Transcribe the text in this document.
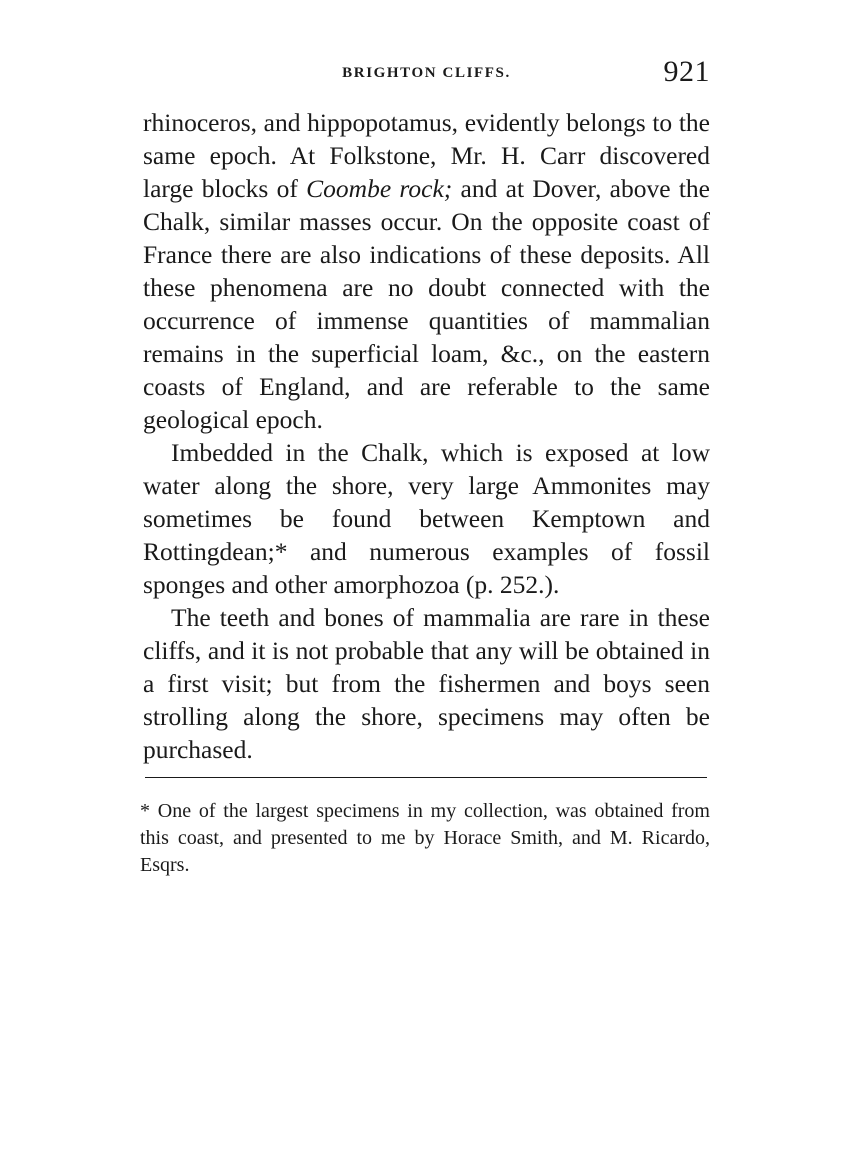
BRIGHTON CLIFFS.	921

rhinoceros, and hippopotamus, evidently belongs to the same epoch. At Folkstone, Mr. H. Carr discovered large blocks of Coombe rock; and at Dover, above the Chalk, similar masses occur. On the opposite coast of France there are also indications of these deposits. All these phenomena are no doubt connected with the occurrence of immense quantities of mammalian remains in the superficial loam, &c., on the eastern coasts of England, and are referable to the same geological epoch.

Imbedded in the Chalk, which is exposed at low water along the shore, very large Ammonites may sometimes be found between Kemptown and Rottingdean;* and numerous examples of fossil sponges and other amorphozoa (p. 252.).

The teeth and bones of mammalia are rare in these cliffs, and it is not probable that any will be obtained in a first visit; but from the fishermen and boys seen strolling along the shore, specimens may often be purchased.

* One of the largest specimens in my collection, was obtained from this coast, and presented to me by Horace Smith, and M. Ricardo, Esqrs.
